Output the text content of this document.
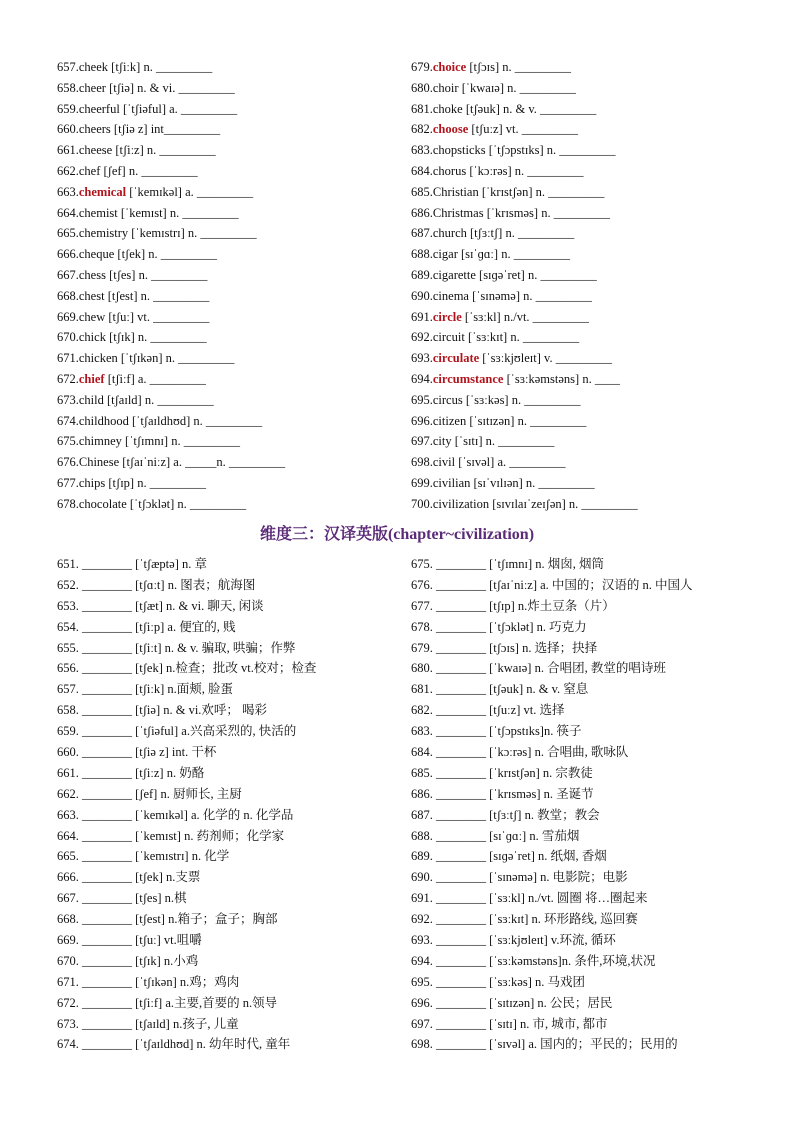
657.cheek [tʃiːk] n. _________
658.cheer [tʃiə] n. & vi. _________
659.cheerful [ˈtʃiəful] a. _________
660.cheers [tʃiə z] int_________
661.cheese [tʃiːz] n. _________
662.chef [ʃef] n. _________
663.chemical [ˈkemɪkəl] a. _________
664.chemist [ˈkemɪst] n. _________
665.chemistry [ˈkemɪstrɪ] n. _________
666.cheque [tʃek] n. _________
667.chess [tʃes] n. _________
668.chest [tʃest] n. _________
669.chew [tʃuː] vt. _________
670.chick [tʃɪk] n. _________
671.chicken [ˈtʃɪkən] n. _________
672.chief [tʃiːf] a. _________
673.child [tʃaɪld] n. _________
674.childhood [ˈtʃaɪldhʊd] n. _________
675.chimney [ˈtʃɪmnɪ] n. _________
676.Chinese [tʃaɪˈniːz] a. _____n. _________
677.chips [tʃɪp] n. _________
678.chocolate [ˈtʃɔklət] n. _________
679.choice [tʃɔɪs] n. _________
680.choir [ˈkwaɪə] n. _________
681.choke [tʃəuk] n. & v. _________
682.choose [tʃuːz] vt. _________
683.chopsticks [ˈtʃɔpstɪks] n. _________
684.chorus [ˈkɔːrəs] n. _________
685.Christian [ˈkrɪstʃən] n. _________
686.Christmas [ˈkrɪsməs] n. _________
687.church [tʃɜːtʃ] n. _________
688.cigar [sɪˈɡɑː] n. _________
689.cigarette [sɪɡəˈret] n. _________
690.cinema [ˈsɪnəmə] n. _________
691.circle [ˈsɜːkl] n./vt. _________
692.circuit [ˈsɜːkɪt] n. _________
693.circulate [ˈsɜːkjʊleɪt] v. _________
694.circumstance [ˈsɜːkəmstəns] n. ____
695.circus [ˈsɜːkəs] n. _________
696.citizen [ˈsɪtɪzən] n. _________
697.city [ˈsɪtɪ] n. _________
698.civil [ˈsɪvəl] a. _________
699.civilian [sɪˈvɪlɪən] n. _________
700.civilization [sɪvɪlaɪˈzeɪʃən] n. _________
维度三：汉译英版(chapter~civilization)
651. ________ [ˈtʃæptə] n. 章
652. ________ [tʃɑːt] n. 图表；航海图
653. ________ [tʃæt] n. & vi. 聊天, 闲谈
654. ________ [tʃiːp] a. 便宜的, 贱
655. ________ [tʃiːt] n. & v. 骗取, 哄骗；作弊
656. ________ [tʃek] n.检查；批改 vt.校对；检查
657. ________ [tʃiːk] n.面颊, 脸蛋
658. ________ [tʃiə] n. & vi.欢呼； 喝彩
659. ________ [ˈtʃiəful] a.兴高采烈的, 快活的
660. ________ [tʃiə z] int. 干杯
661. ________ [tʃiːz] n. 奶酪
662. ________ [ʃef] n. 厨师长, 主厨
663. ________ [ˈkemɪkəl] a. 化学的 n. 化学品
664. ________ [ˈkemɪst] n. 药剂师；化学家
665. ________ [ˈkemɪstrɪ] n. 化学
666. ________ [tʃek] n.支票
667. ________ [tʃes] n.棋
668. ________ [tʃest] n.箱子；盒子；胸部
669. ________ [tʃuː] vt.咀嚼
670. ________ [tʃɪk] n.小鸡
671. ________ [ˈtʃɪkən] n.鸡；鸡肉
672. ________ [tʃiːf] a.主要,首要的 n.领导
673. ________ [tʃaɪld] n.孩子, 儿童
674. ________ [ˈtʃaɪldhʊd] n. 幼年时代, 童年
675. ________ [ˈtʃɪmnɪ] n. 烟囱, 烟筒
676. ________ [tʃaɪˈniːz] a. 中国的；汉语的 n. 中国人
677. ________ [tʃɪp] n.炸土豆条（片）
678. ________ [ˈtʃɔklət] n. 巧克力
679. ________ [tʃɔɪs] n. 选择；抉择
680. ________ [ˈkwaɪə] n. 合唱团, 教堂的唱诗班
681. ________ [tʃəuk] n. & v. 窒息
682. ________ [tʃuːz] vt. 选择
683. ________ [ˈtʃɔpstɪks]n. 筷子
684. ________ [ˈkɔːrəs] n. 合唱曲, 歌咏队
685. ________ [ˈkrɪstʃən] n. 宗教徒
686. ________ [ˈkrɪsməs] n. 圣诞节
687. ________ [tʃɜːtʃ] n. 教堂；教会
688. ________ [sɪˈɡɑː] n. 雪茄烟
689. ________ [sɪɡəˈret] n. 纸烟, 香烟
690. ________ [ˈsɪnəmə] n. 电影院；电影
691. ________ [ˈsɜːkl] n./vt. 圆圈 将…圈起来
692. ________ [ˈsɜːkɪt] n. 环形路线, 巡回赛
693. ________ [ˈsɜːkjʊleɪt] v.环流, 循环
694. ________ [ˈsɜːkəmstəns]n. 条件,环境,状况
695. ________ [ˈsɜːkəs] n. 马戏团
696. ________ [ˈsɪtɪzən] n. 公民；居民
697. ________ [ˈsɪtɪ] n. 市, 城市, 都市
698. ________ [ˈsɪvəl] a. 国内的；平民的；民用的
